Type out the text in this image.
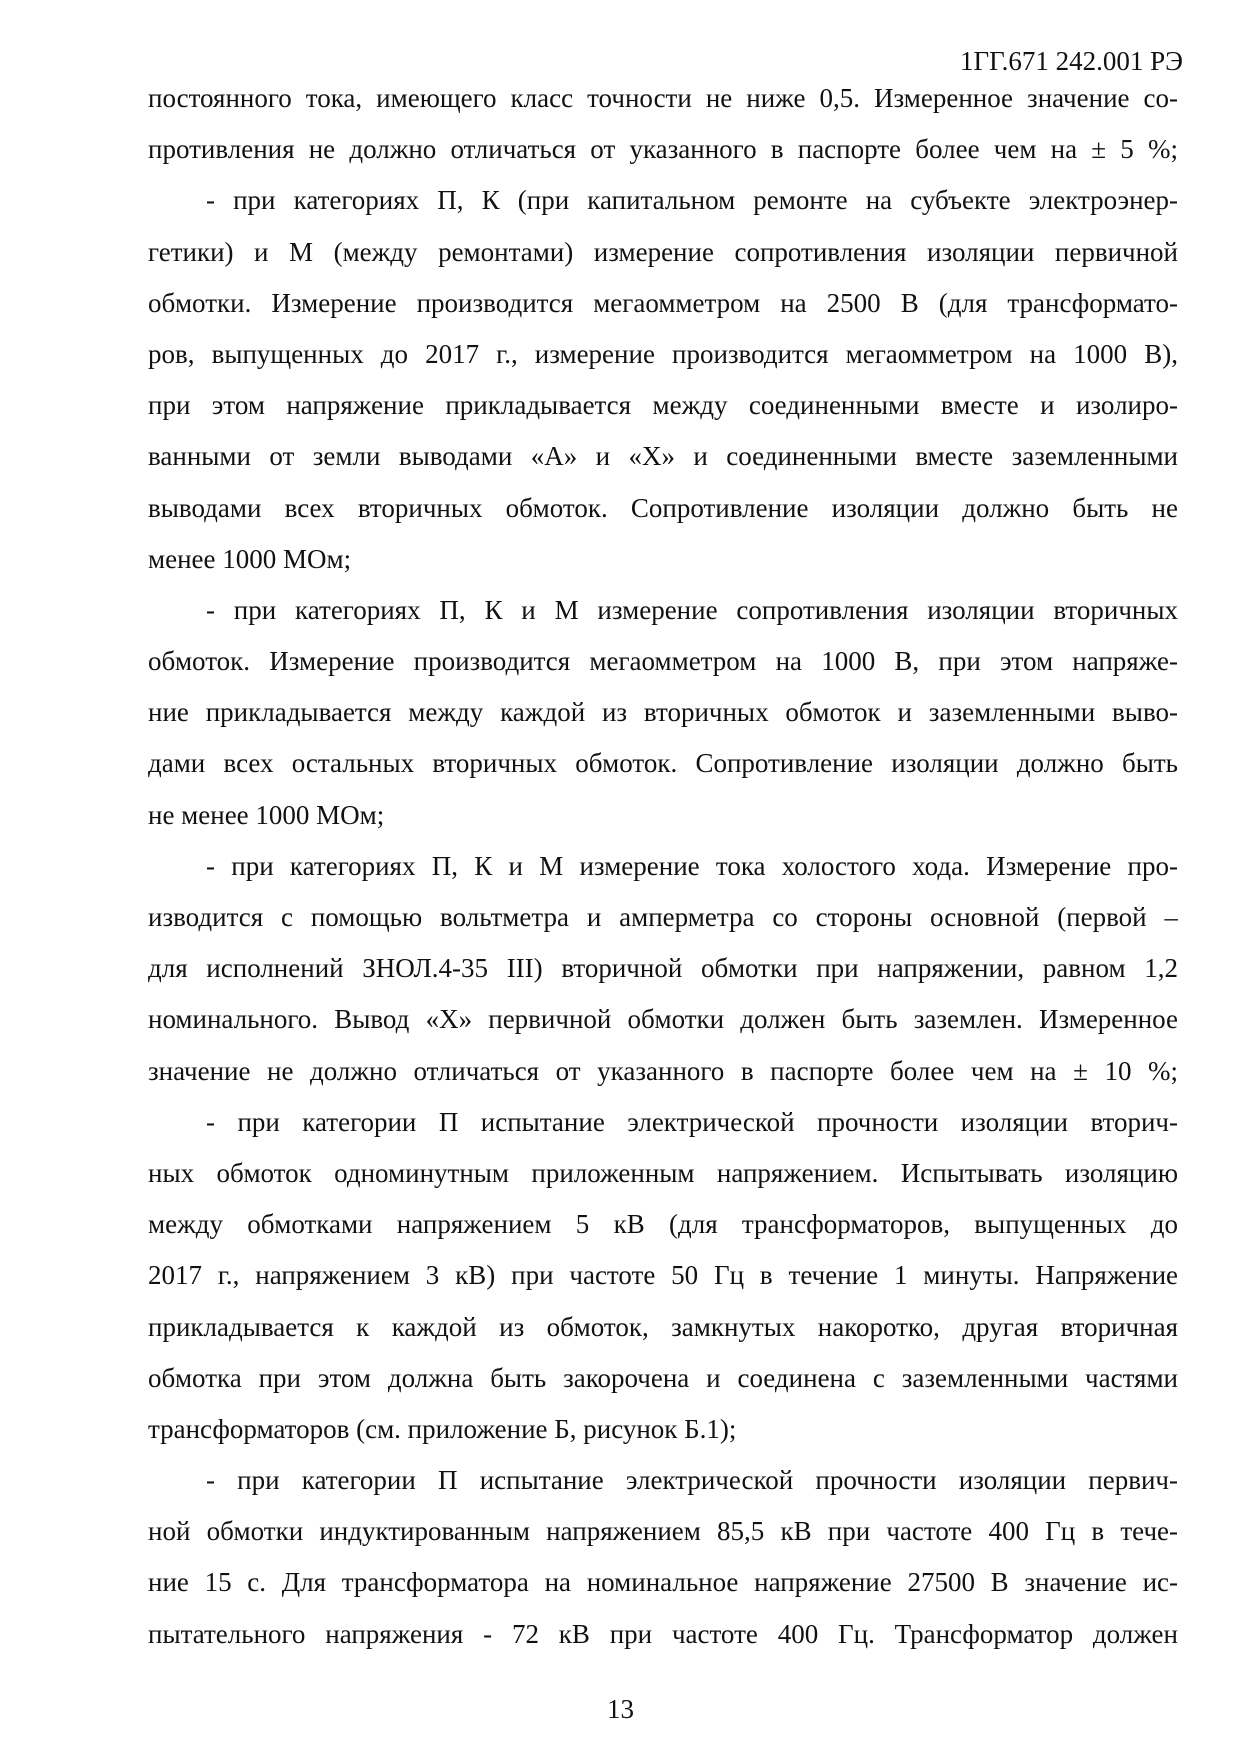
1ГГ.671 242.001 РЭ
постоянного тока, имеющего класс точности не ниже 0,5. Измеренное значение со-
противления не должно отличаться от указанного в паспорте более чем на ± 5 %;
- при категориях П, К (при капитальном ремонте на субъекте электроэнер-
гетики) и М (между ремонтами) измерение сопротивления изоляции первичной
обмотки. Измерение производится мегаомметром на 2500 В (для трансформато-
ров, выпущенных до 2017 г., измерение производится мегаомметром на 1000 В),
при этом напряжение прикладывается между соединенными вместе и изолиро-
ванными от земли выводами «А» и «Х» и соединенными вместе заземленными
выводами всех вторичных обмоток. Сопротивление изоляции должно быть не
менее 1000 МОм;
- при категориях П, К и М измерение сопротивления изоляции вторичных
обмоток. Измерение производится мегаомметром на 1000 В, при этом напряже-
ние прикладывается между каждой из вторичных обмоток и заземленными выво-
дами всех остальных вторичных обмоток. Сопротивление изоляции должно быть
не менее 1000 МОм;
- при категориях П, К и М измерение тока холостого хода. Измерение про-
изводится с помощью вольтметра и амперметра со стороны основной (первой –
для исполнений ЗНОЛ.4-35 III) вторичной обмотки при напряжении, равном 1,2
номинального. Вывод «Х» первичной обмотки должен быть заземлен. Измеренное
значение не должно отличаться от указанного в паспорте более чем на ± 10 %;
- при категории П испытание электрической прочности изоляции вторич-
ных обмоток одноминутным приложенным напряжением. Испытывать изоляцию
между обмотками напряжением 5 кВ (для трансформаторов, выпущенных до
2017 г., напряжением 3 кВ) при частоте 50 Гц в течение 1 минуты. Напряжение
прикладывается к каждой из обмоток, замкнутых накоротко, другая вторичная
обмотка при этом должна быть закорочена и соединена с заземленными частями
трансформаторов (см. приложение Б, рисунок Б.1);
- при категории П испытание электрической прочности изоляции первич-
ной обмотки индуктированным напряжением 85,5 кВ при частоте 400 Гц в тече-
ние 15 с. Для трансформатора на номинальное напряжение 27500 В значение ис-
пытательного напряжения - 72 кВ при частоте 400 Гц. Трансформатор должен
13
